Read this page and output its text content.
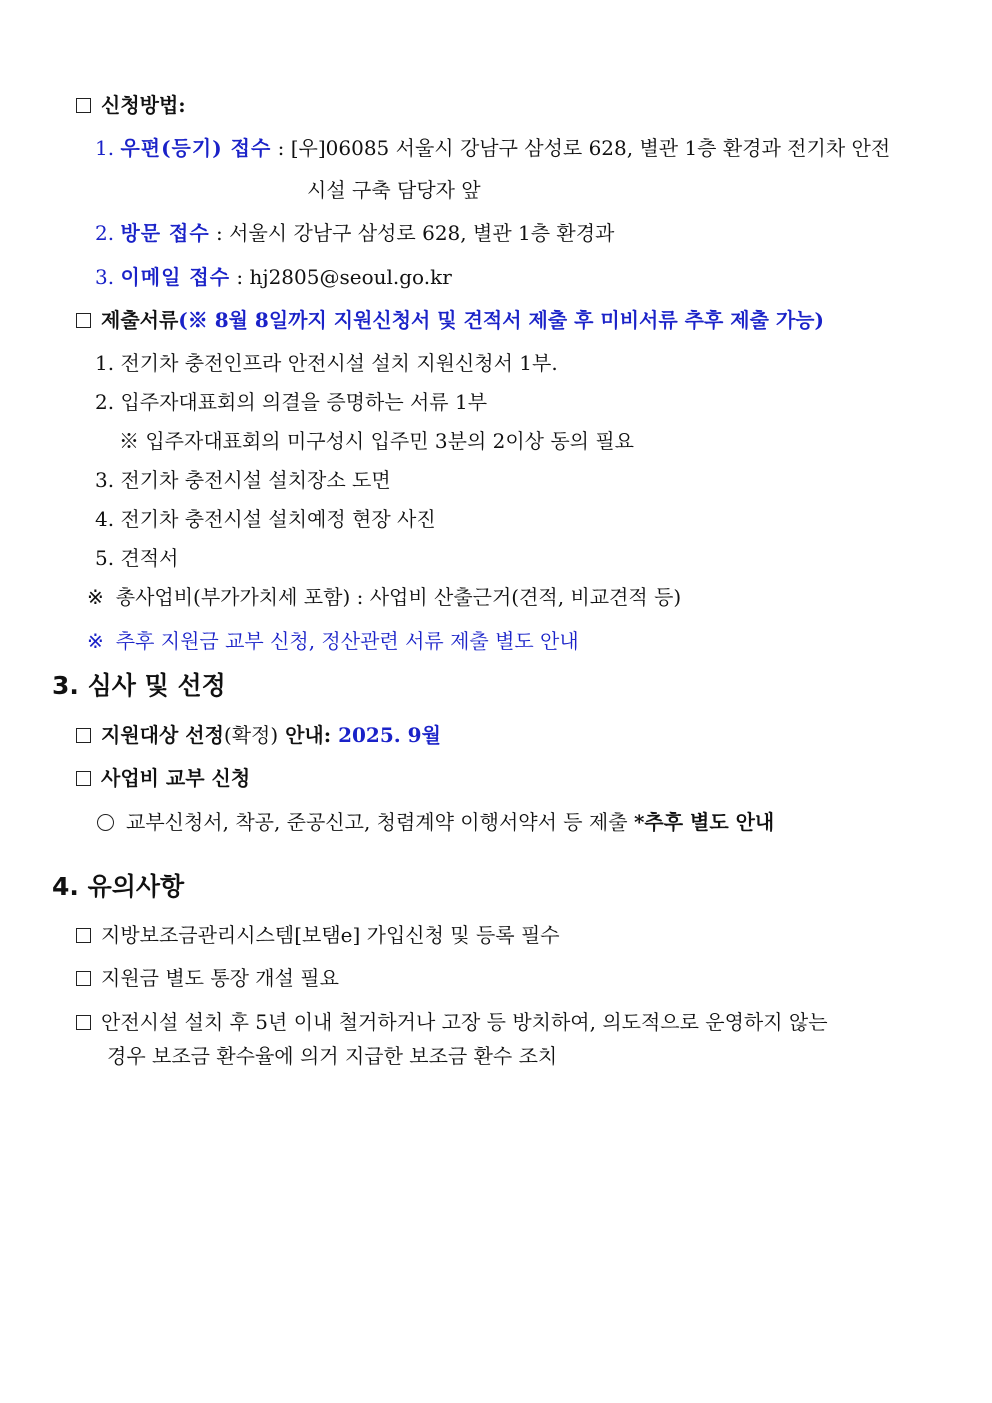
신청방법:
1. 우편(등기) 접수 : [우]06085 서울시 강남구 삼성로 628, 별관 1층 환경과 전기차 안전
시설 구축 담당자 앞
2. 방문 접수 : 서울시 강남구 삼성로 628, 별관 1층 환경과
3. 이메일 접수 : hj2805@seoul.go.kr
제출서류(※ 8월 8일까지 지원신청서 및 견적서 제출 후 미비서류 추후 제출 가능)
1. 전기차 충전인프라 안전시설 설치 지원신청서 1부.
2. 입주자대표회의 의결을 증명하는 서류 1부
※ 입주자대표회의 미구성시 입주민 3분의 2이상 동의 필요
3. 전기차 충전시설 설치장소 도면
4. 전기차 충전시설 설치예정 현장 사진
5. 견적서
※ 총사업비(부가가치세 포함) : 사업비 산출근거(견적, 비교견적 등)
※ 추후 지원금 교부 신청, 정산관련 서류 제출 별도 안내
3. 심사 및 선정
지원대상 선정(확정) 안내: 2025. 9월
사업비 교부 신청
교부신청서, 착공, 준공신고, 청렴계약 이행서약서 등 제출 *추후 별도 안내
4. 유의사항
지방보조금관리시스템[보탬e] 가입신청 및 등록 필수
지원금 별도 통장 개설 필요
안전시설 설치 후 5년 이내 철거하거나 고장 등 방치하여, 의도적으로 운영하지 않는
경우 보조금 환수율에 의거 지급한 보조금 환수 조치
